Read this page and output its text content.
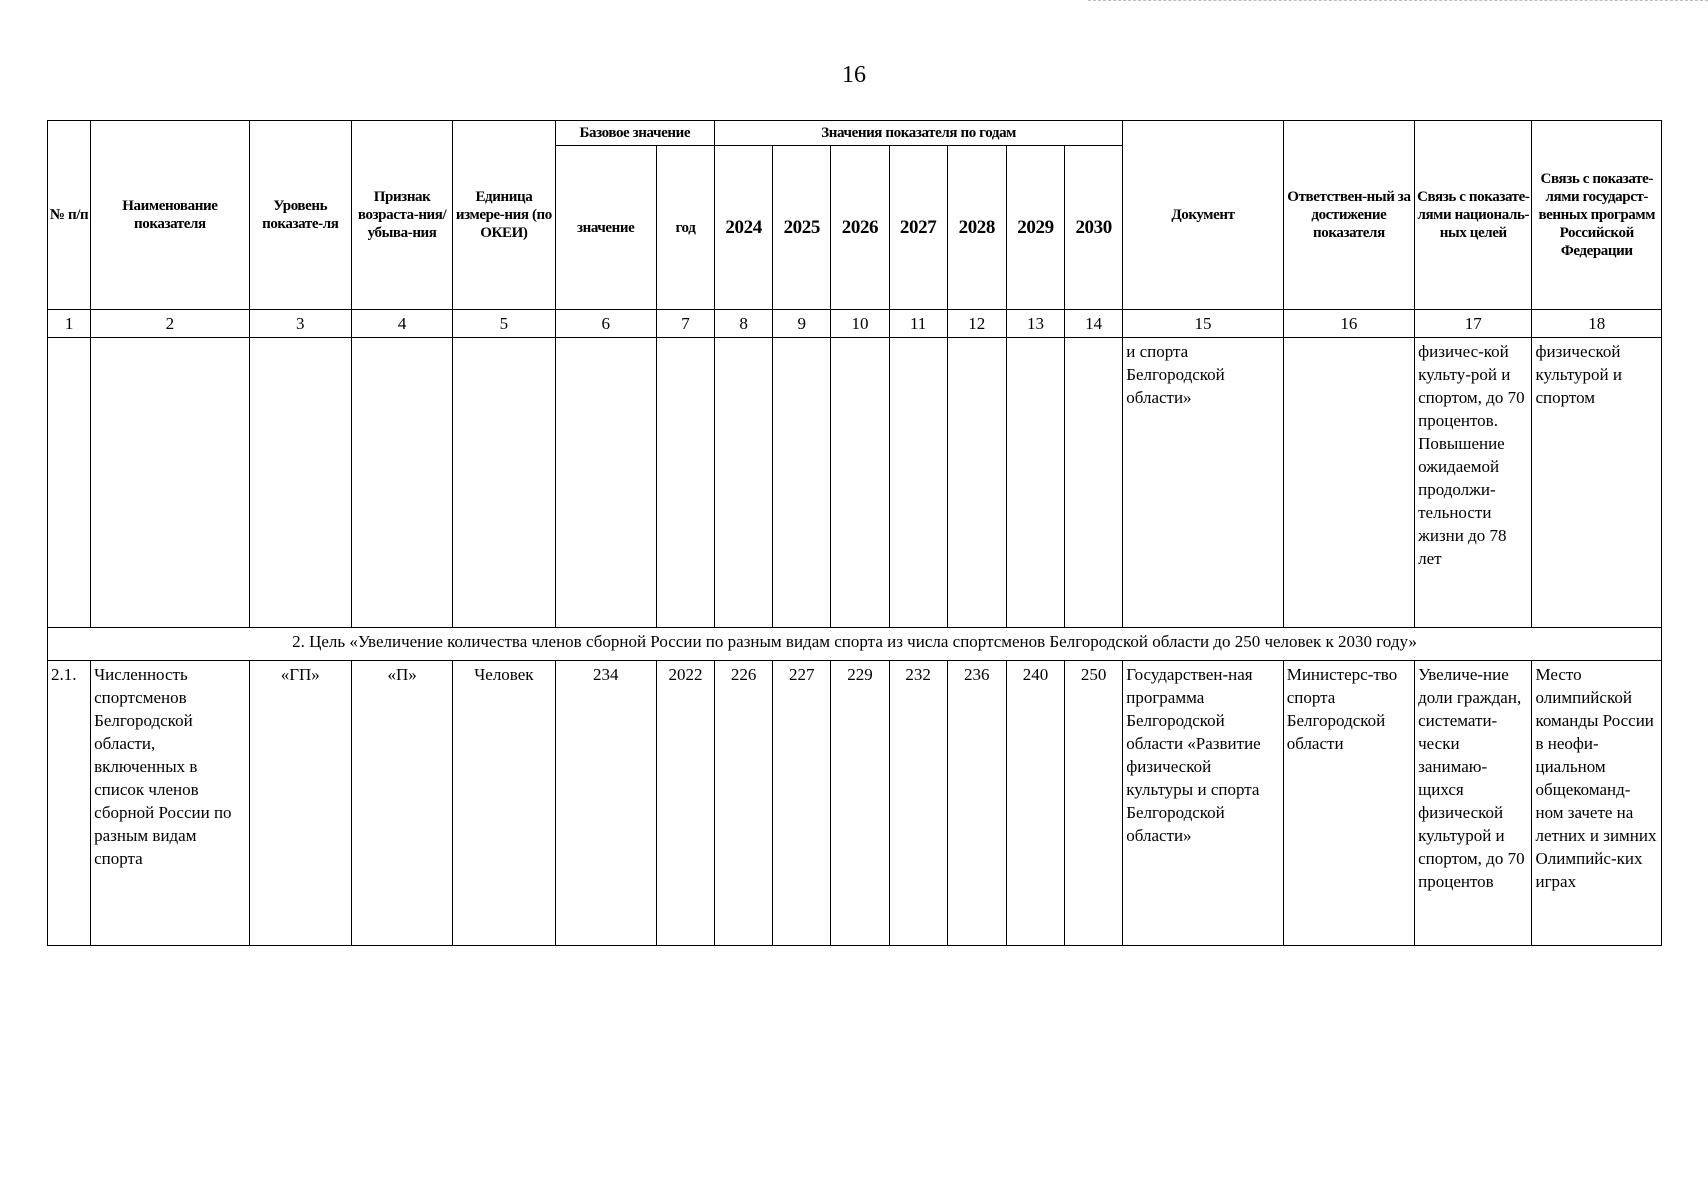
16
№ п/п	Наименование показателя	Уровень показате-ля	Признак возраста-ния/ убыва-ния	Единица измере-ния (по ОКЕИ)	Базовое значение		Значения показателя по годам							Документ	Ответствен-ный за достижение показателя	Связь с показате-лями националь-ных целей	Связь с показате-лями государст-венных программ Российской Федерации
					значение	год	2024	2025	2026	2027	2028	2029	2030				
1	2	3	4	5	6	7	8	9	10	11	12	13	14	15	16	17	18
														и спорта Белгородской области»		физичес-кой культу-рой и спортом, до 70 процентов. Повышение ожидаемой продолжи-тельности жизни до 78 лет	физической культурой и спортом
2. Цель «Увеличение количества членов сборной России по разным видам спорта из числа спортсменов Белгородской области до 250 человек к 2030 году»																	
2.1.	Численность спортсменов Белгородской области, включенных в список членов сборной России по разным видам спорта	«ГП»	«П»	Человек	234	2022	226	227	229	232	236	240	250	Государствен-ная программа Белгородской области «Развитие физической культуры и спорта Белгородской области»	Министерс-тво спорта Белгородской области	Увеличе-ние доли граждан, системати-чески занимаю-щихся физической культурой и спортом, до 70 процентов	Место олимпийской команды России в неофи-циальном общекоманд-ном зачете на летних и зимних Олимпийс-ких играх
